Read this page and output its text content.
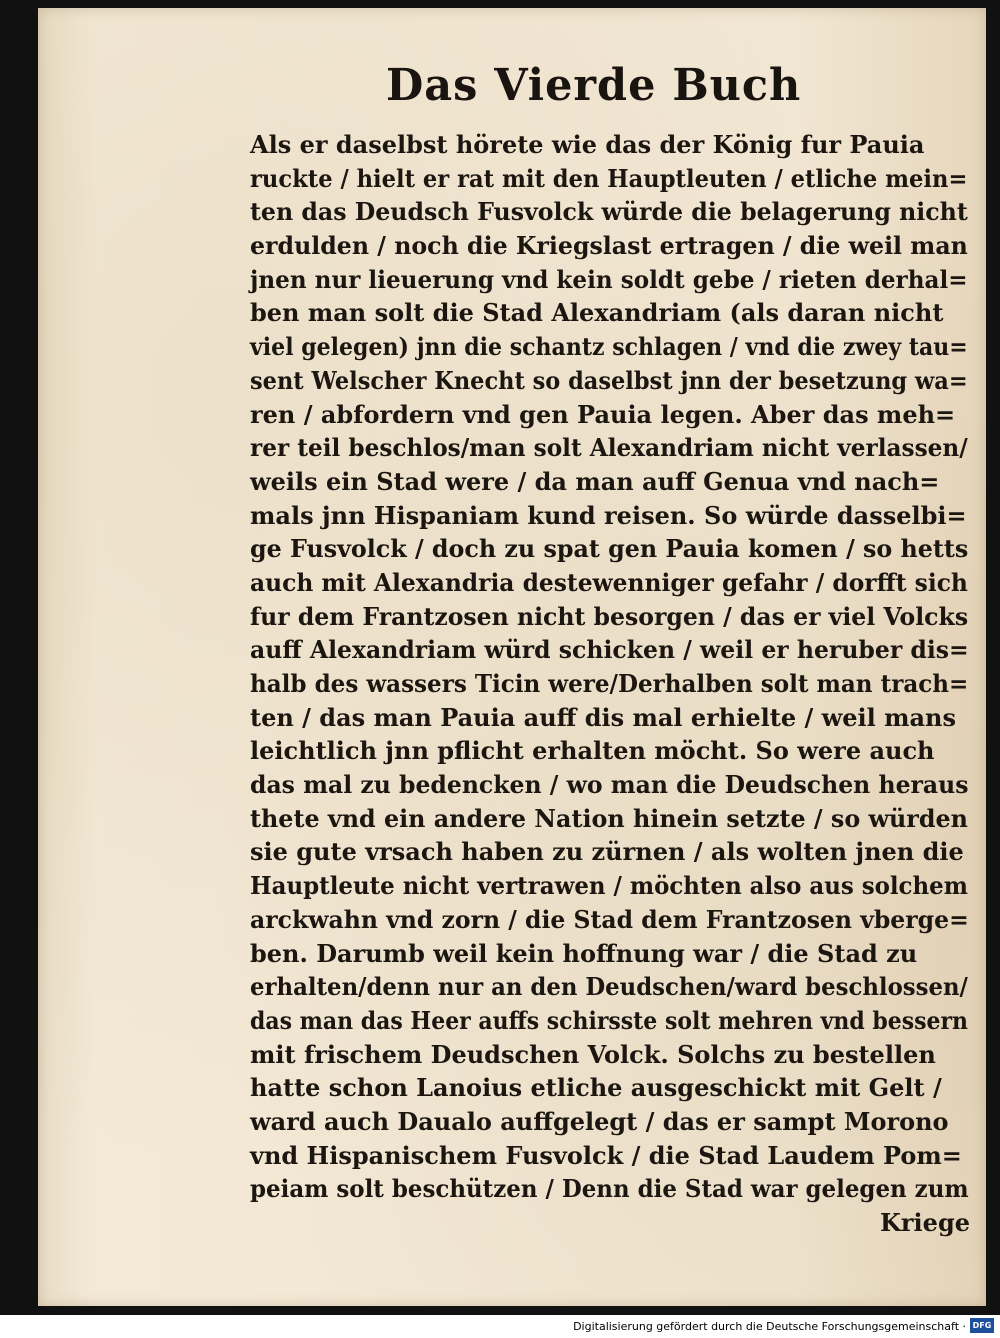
Das Vierde Buch
Als er daselbst hörete wie das der König fur Pauia
ruckte / hielt er rat mit den Hauptleuten / etliche mein=
ten das Deudsch Fusvolck würde die belagerung nicht
erdulden / noch die Kriegslast ertragen / die weil man
jnen nur lieuerung vnd kein soldt gebe / rieten derhal=
ben man solt die Stad Alexandriam (als daran nicht
viel gelegen) jnn die schantz schlagen / vnd die zwey tau=
sent Welscher Knecht so daselbst jnn der besetzung wa=
ren / abfordern vnd gen Pauia legen. Aber das meh=
rer teil beschlos/man solt Alexandriam nicht verlassen/
weils ein Stad were / da man auff Genua vnd nach=
mals jnn Hispaniam kund reisen. So würde dasselbi=
ge Fusvolck / doch zu spat gen Pauia komen / so hetts
auch mit Alexandria destewenniger gefahr / dorfft sich
fur dem Frantzosen nicht besorgen / das er viel Volcks
auff Alexandriam würd schicken / weil er heruber dis=
halb des wassers Ticin were/Derhalben solt man trach=
ten / das man Pauia auff dis mal erhielte / weil mans
leichtlich jnn pflicht erhalten möcht. So were auch
das mal zu bedencken / wo man die Deudschen heraus
thete vnd ein andere Nation hinein setzte / so würden
sie gute vrsach haben zu zürnen / als wolten jnen die
Hauptleute nicht vertrawen / möchten also aus solchem
arckwahn vnd zorn / die Stad dem Frantzosen vberge=
ben. Darumb weil kein hoffnung war / die Stad zu
erhalten/denn nur an den Deudschen/ward beschlossen/
das man das Heer auffs schirsste solt mehren vnd bessern
mit frischem Deudschen Volck. Solchs zu bestellen
hatte schon Lanoius etliche ausgeschickt mit Gelt /
ward auch Daualo auffgelegt / das er sampt Morono
vnd Hispanischem Fusvolck / die Stad Laudem Pom=
peiam solt beschützen / Denn die Stad war gelegen zum
Kriege
Digitalisierung gefördert durch die Deutsche Forschungsgemeinschaft · DFG
